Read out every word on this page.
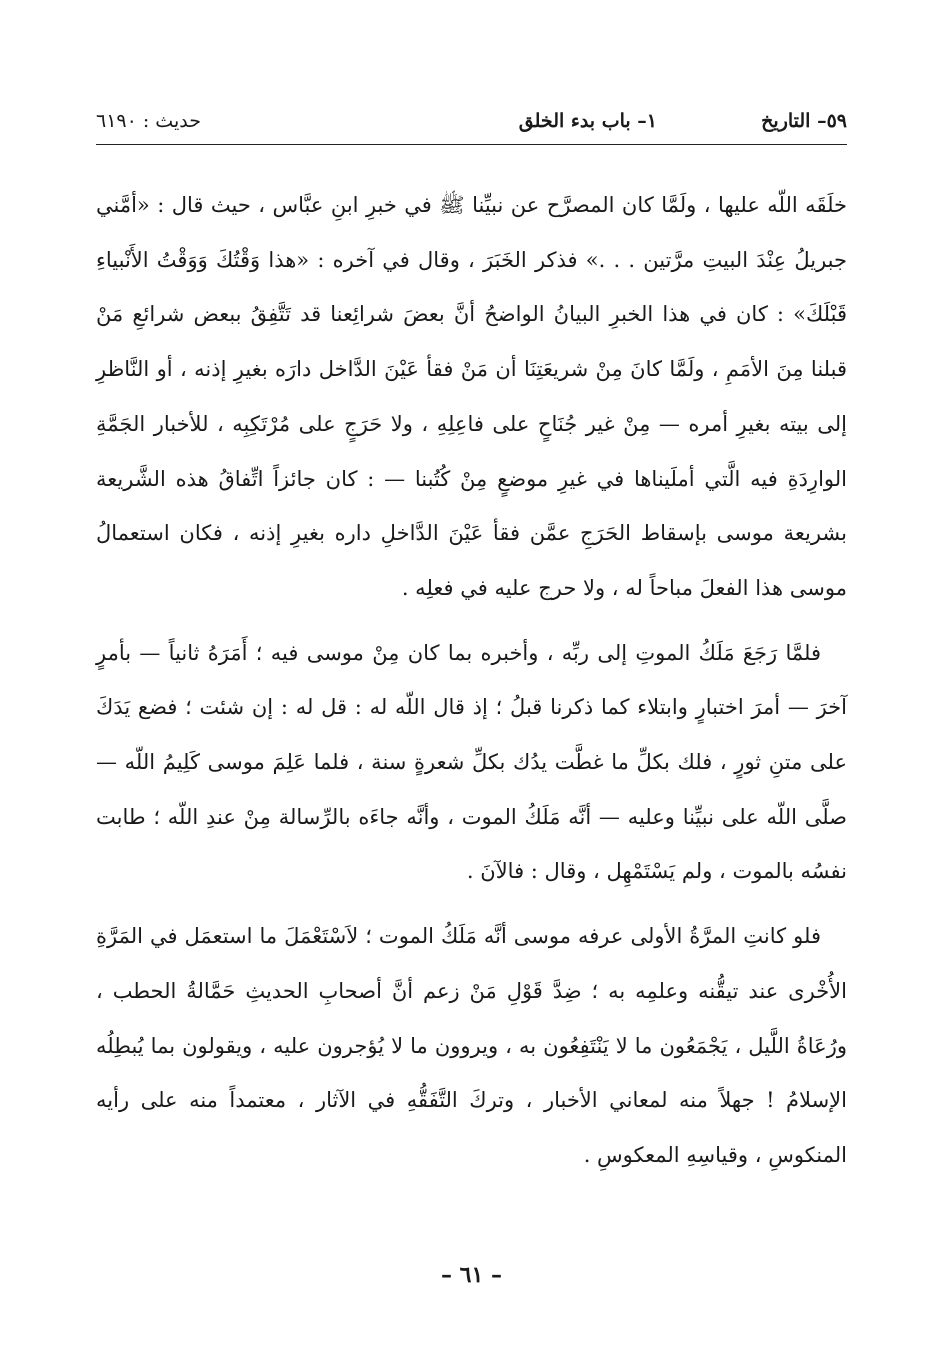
٥٩– التاريخ
١– باب بدء الخلق
حديث : ٦١٩٠

خلَقَه اللّه عليها ، ولَمَّا كان المصرَّح عن نبيِّنا ﷺ في خبرِ ابنِ عبَّاس ، حيث قال : «أمَّني جبريلُ عِنْدَ البيتِ مرَّتين . . .» فذكر الخَبَرَ ، وقال في آخره : «هذا وَقْتُكَ وَوَقْتُ الأَنْبياءِ قَبْلَكَ» : كان في هذا الخبرِ البيانُ الواضحُ أنَّ بعضَ شرائِعنا قد تَتَّفِقُ ببعض شرائعِ مَنْ قبلنا مِنَ الأمَمِ ، ولَمَّا كانَ مِنْ شريعَتِنَا أن مَنْ فقأ عَيْنَ الدَّاخل دارَه بغيرِ إذنه ، أو النَّاظرِ إلى بيته بغيرِ أمره — مِنْ غير جُنَاحٍ على فاعِلِهِ ، ولا حَرَجٍ على مُرْتَكِبِه ، للأخبار الجَمَّةِ الوارِدَةِ فيه الَّتي أملَيناها في غيرِ موضعٍ مِنْ كُتُبنا — : كان جائزاً اتِّفاقُ هذه الشَّريعة بشريعة موسى بإسقاط الحَرَجِ عمَّن فقأ عَيْنَ الدَّاخلِ داره بغيرِ إذنه ، فكان استعمالُ موسى هذا الفعلَ مباحاً له ، ولا حرج عليه في فعلِه .

فلمَّا رَجَعَ مَلَكُ الموتِ إلى ربِّه ، وأخبره بما كان مِنْ موسى فيه ؛ أَمَرَهُ ثانياً — بأمرٍ آخرَ — أمرَ اختبارٍ وابتلاء كما ذكرنا قبلُ ؛ إذ قال اللّه له : قل له : إن شئت ؛ فضع يَدَكَ على متنِ ثورٍ ، فلك بكلِّ ما غطَّت يدُك بكلِّ شعرةٍ سنة ، فلما عَلِمَ موسى كَلِيمُ اللّه — صلَّى اللّه على نبيِّنا وعليه — أنَّه مَلَكُ الموت ، وأنَّه جاءَه بالرِّسالة مِنْ عندِ اللّه ؛ طابت نفسُه بالموت ، ولم يَسْتَمْهِل ، وقال : فالآنَ .

فلو كانتِ المرَّةُ الأولى عرفه موسى أنَّه مَلَكُ الموت ؛ لاَسْتَعْمَلَ ما استعمَل في المَرَّةِ الأُخْرى عند تيقُّنه وعلمِه به ؛ ضِدَّ قَوْلِ مَنْ زعم أنَّ أصحابِ الحديثِ حَمَّالةُ الحطب ، ورُعَاةُ اللَّيل ، يَجْمَعُون ما لا يَنْتَفِعُون به ، ويروون ما لا يُؤجرون عليه ، ويقولون بما يُبطِلُه الإسلامُ ! جهلاً منه لمعاني الأخبار ، وتركَ التَّفَقُّهِ في الآثار ، معتمداً منه على رأيه المنكوسِ ، وقياسِهِ المعكوسِ .

– ٦١ –
